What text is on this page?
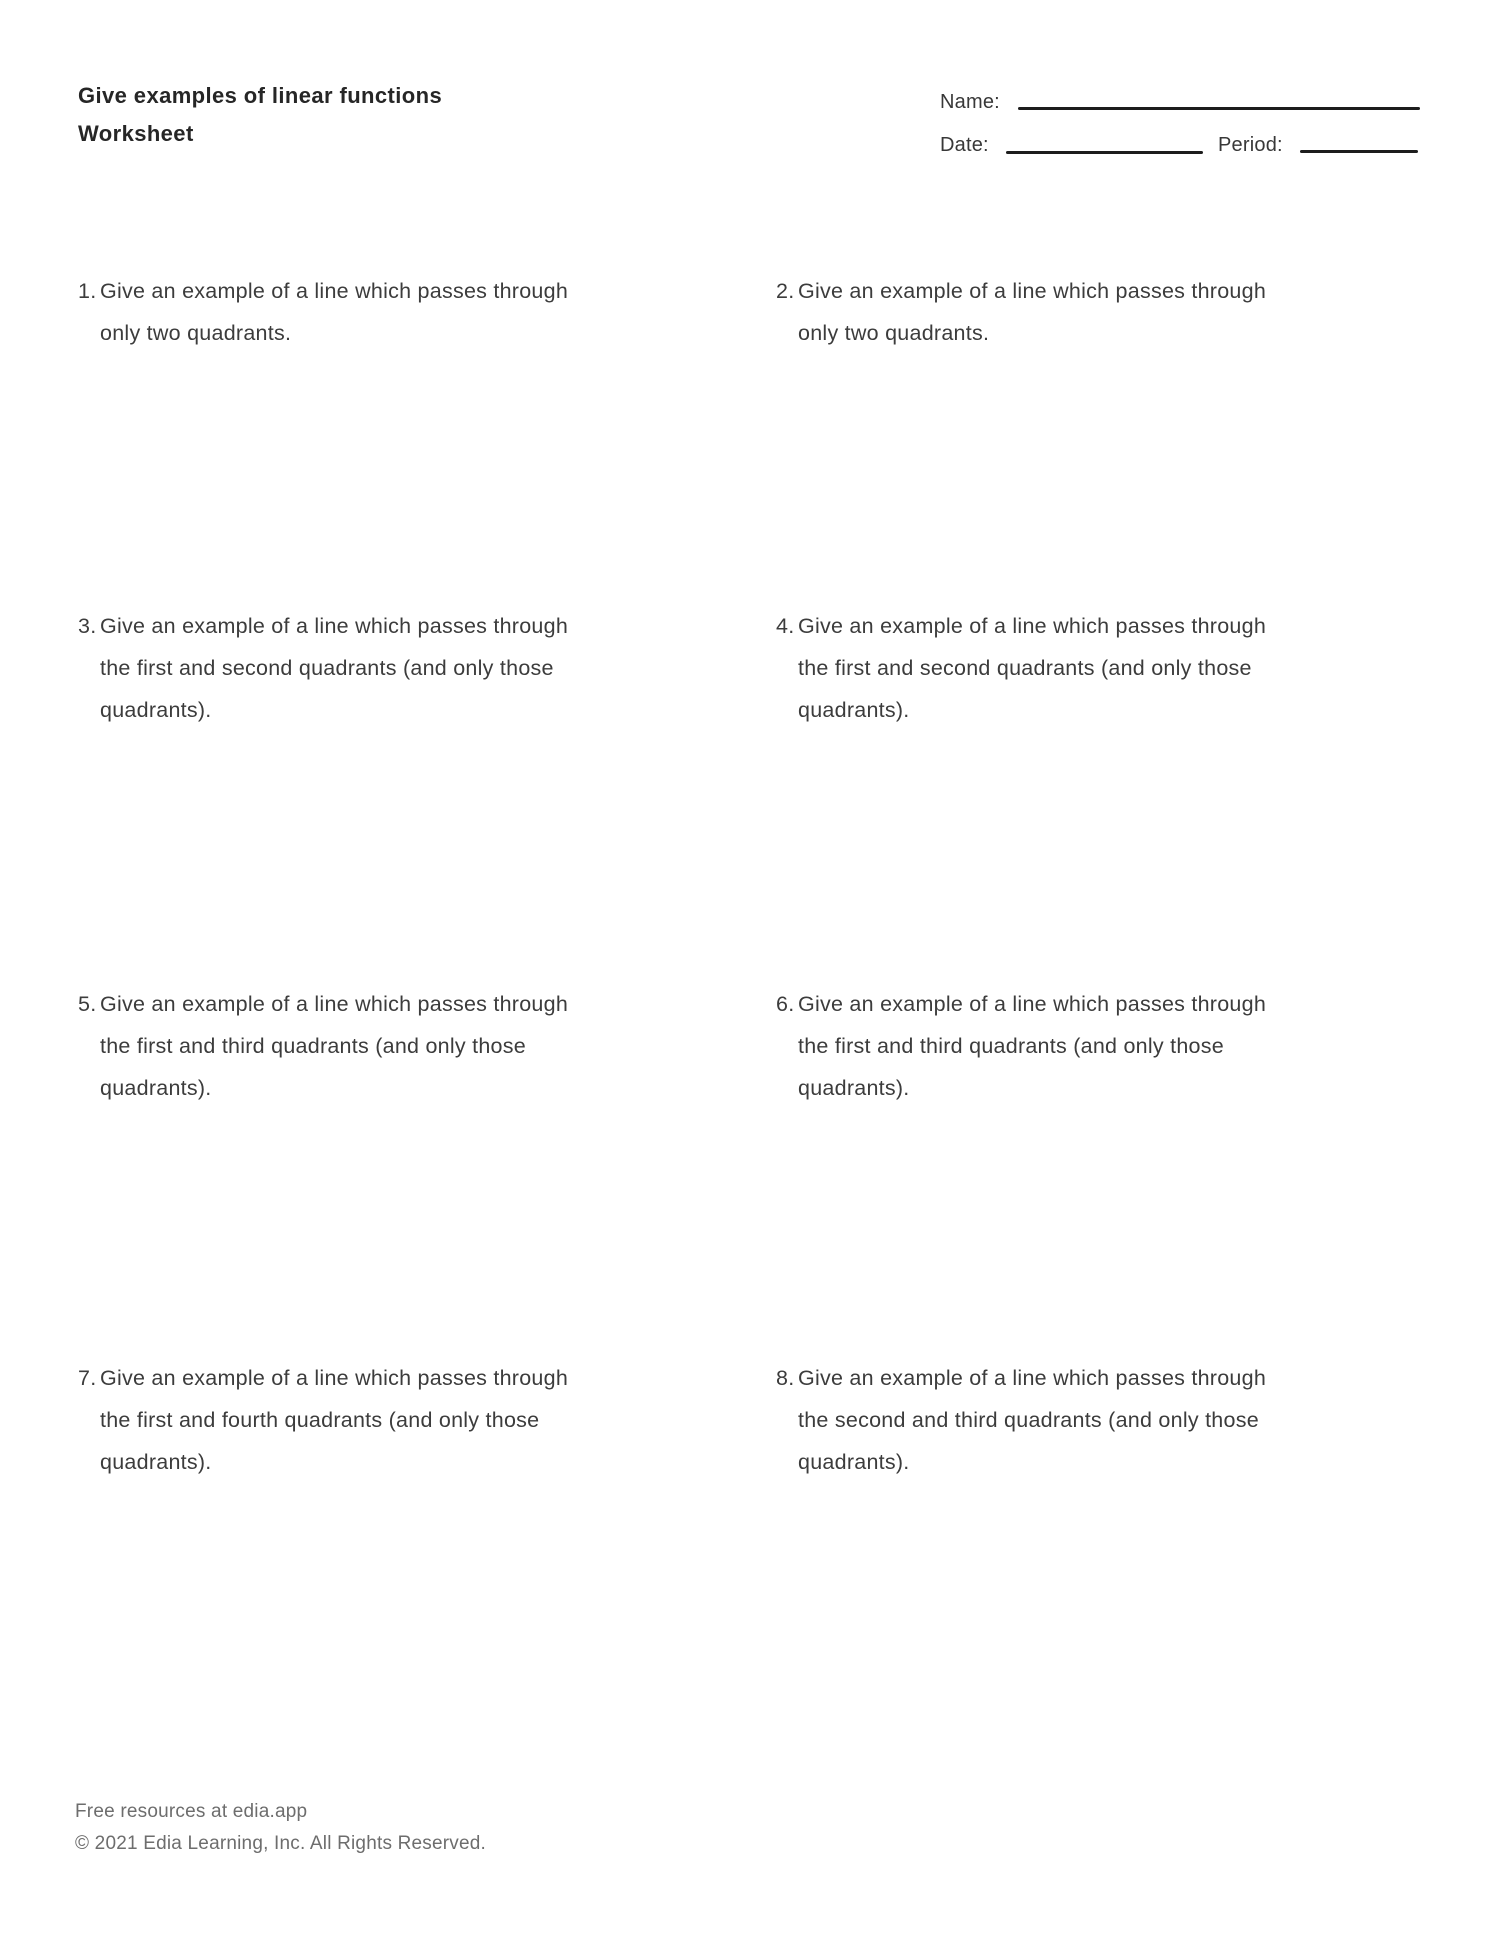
Give examples of linear functions
Worksheet
Name:
Date:	Period:
1. Give an example of a line which passes through
only two quadrants.
2. Give an example of a line which passes through
only two quadrants.
3. Give an example of a line which passes through
the first and second quadrants (and only those
quadrants).
4. Give an example of a line which passes through
the first and second quadrants (and only those
quadrants).
5. Give an example of a line which passes through
the first and third quadrants (and only those
quadrants).
6. Give an example of a line which passes through
the first and third quadrants (and only those
quadrants).
7. Give an example of a line which passes through
the first and fourth quadrants (and only those
quadrants).
8. Give an example of a line which passes through
the second and third quadrants (and only those
quadrants).
Free resources at edia.app
© 2021 Edia Learning, Inc. All Rights Reserved.
